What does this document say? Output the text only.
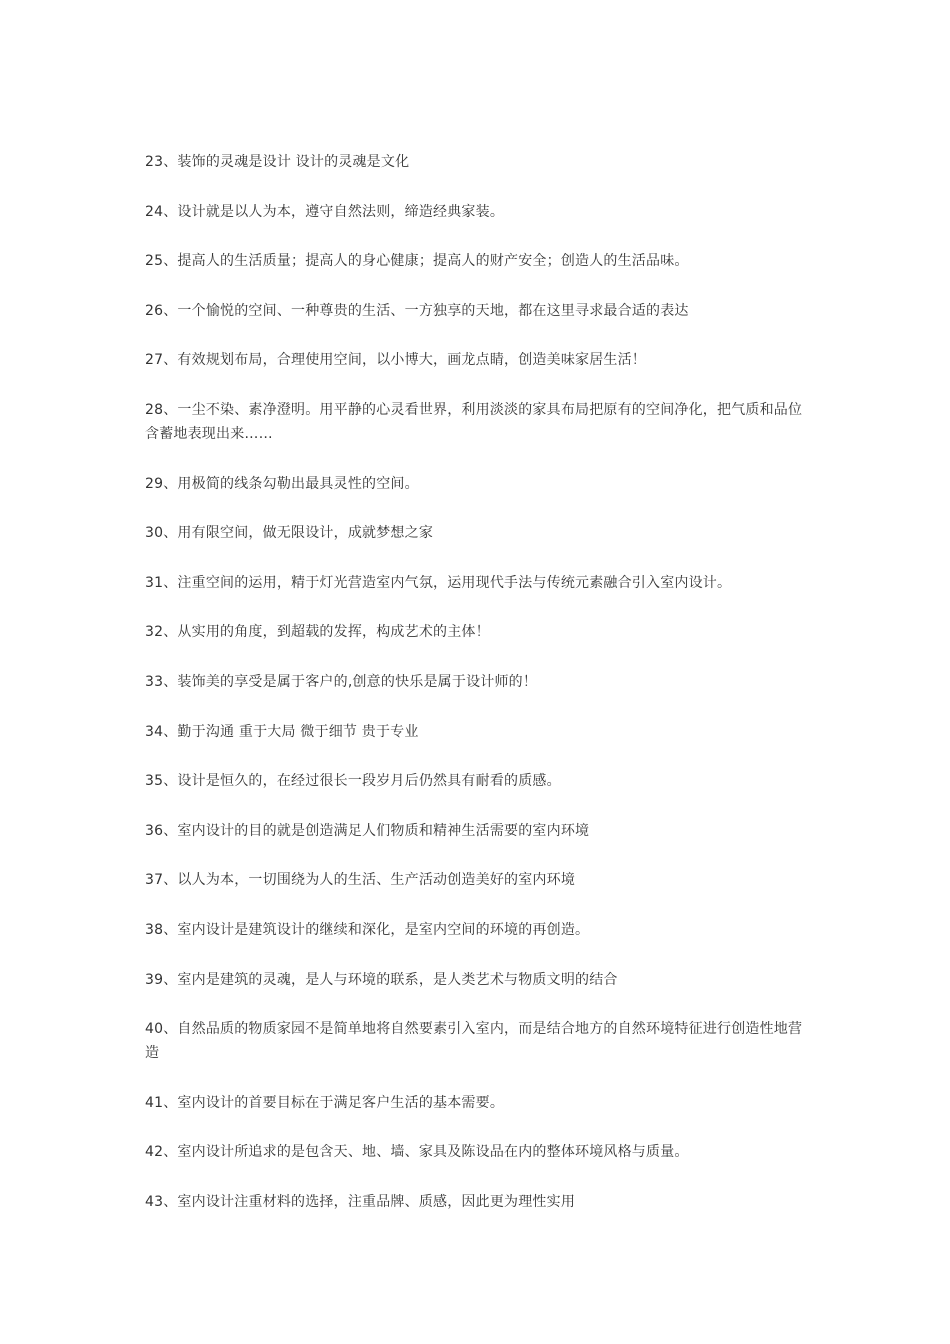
23、装饰的灵魂是设计 设计的灵魂是文化

24、设计就是以人为本，遵守自然法则，缔造经典家装。

25、提高人的生活质量；提高人的身心健康；提高人的财产安全；创造人的生活品味。

26、一个愉悦的空间、一种尊贵的生活、一方独享的天地，都在这里寻求最合适的表达

27、有效规划布局，合理使用空间，以小博大，画龙点睛，创造美味家居生活！

28、一尘不染、素净澄明。用平静的心灵看世界，利用淡淡的家具布局把原有的空间净化，把气质和品位含蓄地表现出来……

29、用极简的线条勾勒出最具灵性的空间。

30、用有限空间，做无限设计，成就梦想之家

31、注重空间的运用，精于灯光营造室内气氛，运用现代手法与传统元素融合引入室内设计。

32、从实用的角度，到超载的发挥，构成艺术的主体！

33、装饰美的享受是属于客户的,创意的快乐是属于设计师的！

34、勤于沟通 重于大局 微于细节 贵于专业

35、设计是恒久的，在经过很长一段岁月后仍然具有耐看的质感。

36、室内设计的目的就是创造满足人们物质和精神生活需要的室内环境

37、以人为本，一切围绕为人的生活、生产活动创造美好的室内环境

38、室内设计是建筑设计的继续和深化，是室内空间的环境的再创造。

39、室内是建筑的灵魂，是人与环境的联系，是人类艺术与物质文明的结合

40、自然品质的物质家园不是简单地将自然要素引入室内，而是结合地方的自然环境特征进行创造性地营造

41、室内设计的首要目标在于满足客户生活的基本需要。

42、室内设计所追求的是包含天、地、墙、家具及陈设品在内的整体环境风格与质量。

43、室内设计注重材料的选择，注重品牌、质感，因此更为理性实用
